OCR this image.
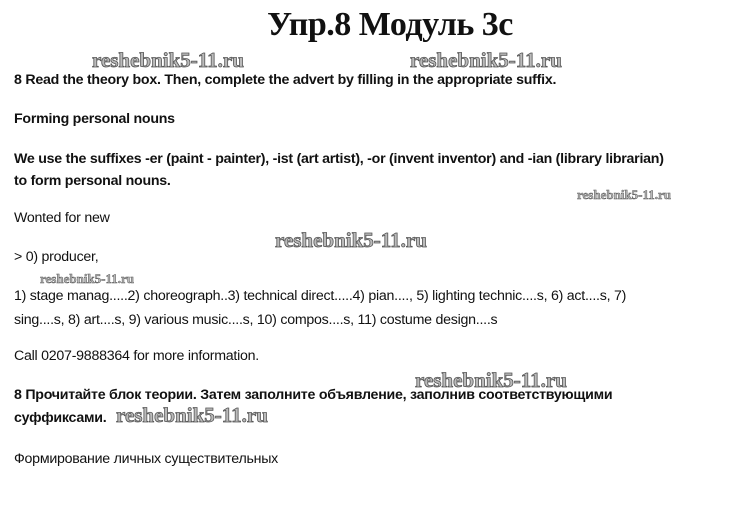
Упр.8 Модуль 3с
reshebnik5-11.ru	reshebnik5-11.ru
reshebnik5-11.ru
reshebnik5-11.ru
reshebnik5-11.ru
reshebnik5-11.ru
reshebnik5-11.ru
8 Read the theory box. Then, complete the advert by filling in the appropriate suffix.
Forming personal nouns
We use the suffixes -er (paint - painter), -ist (art artist), -or (invent inventor) and -ian (library librarian)
to form personal nouns.
Wonted for new
> 0) producer,
1) stage manag.....2) choreograph..3) technical direct.....4) pian...., 5) lighting technic....s, 6) act....s, 7)
sing....s, 8) art....s, 9) various music....s, 10) compos....s, 11) costume design....s
Call 0207-9888364 for more information.
8 Прочитайте блок теории. Затем заполните объявление, заполнив соответствующими
суффиксами.
Формирование личных существительных
